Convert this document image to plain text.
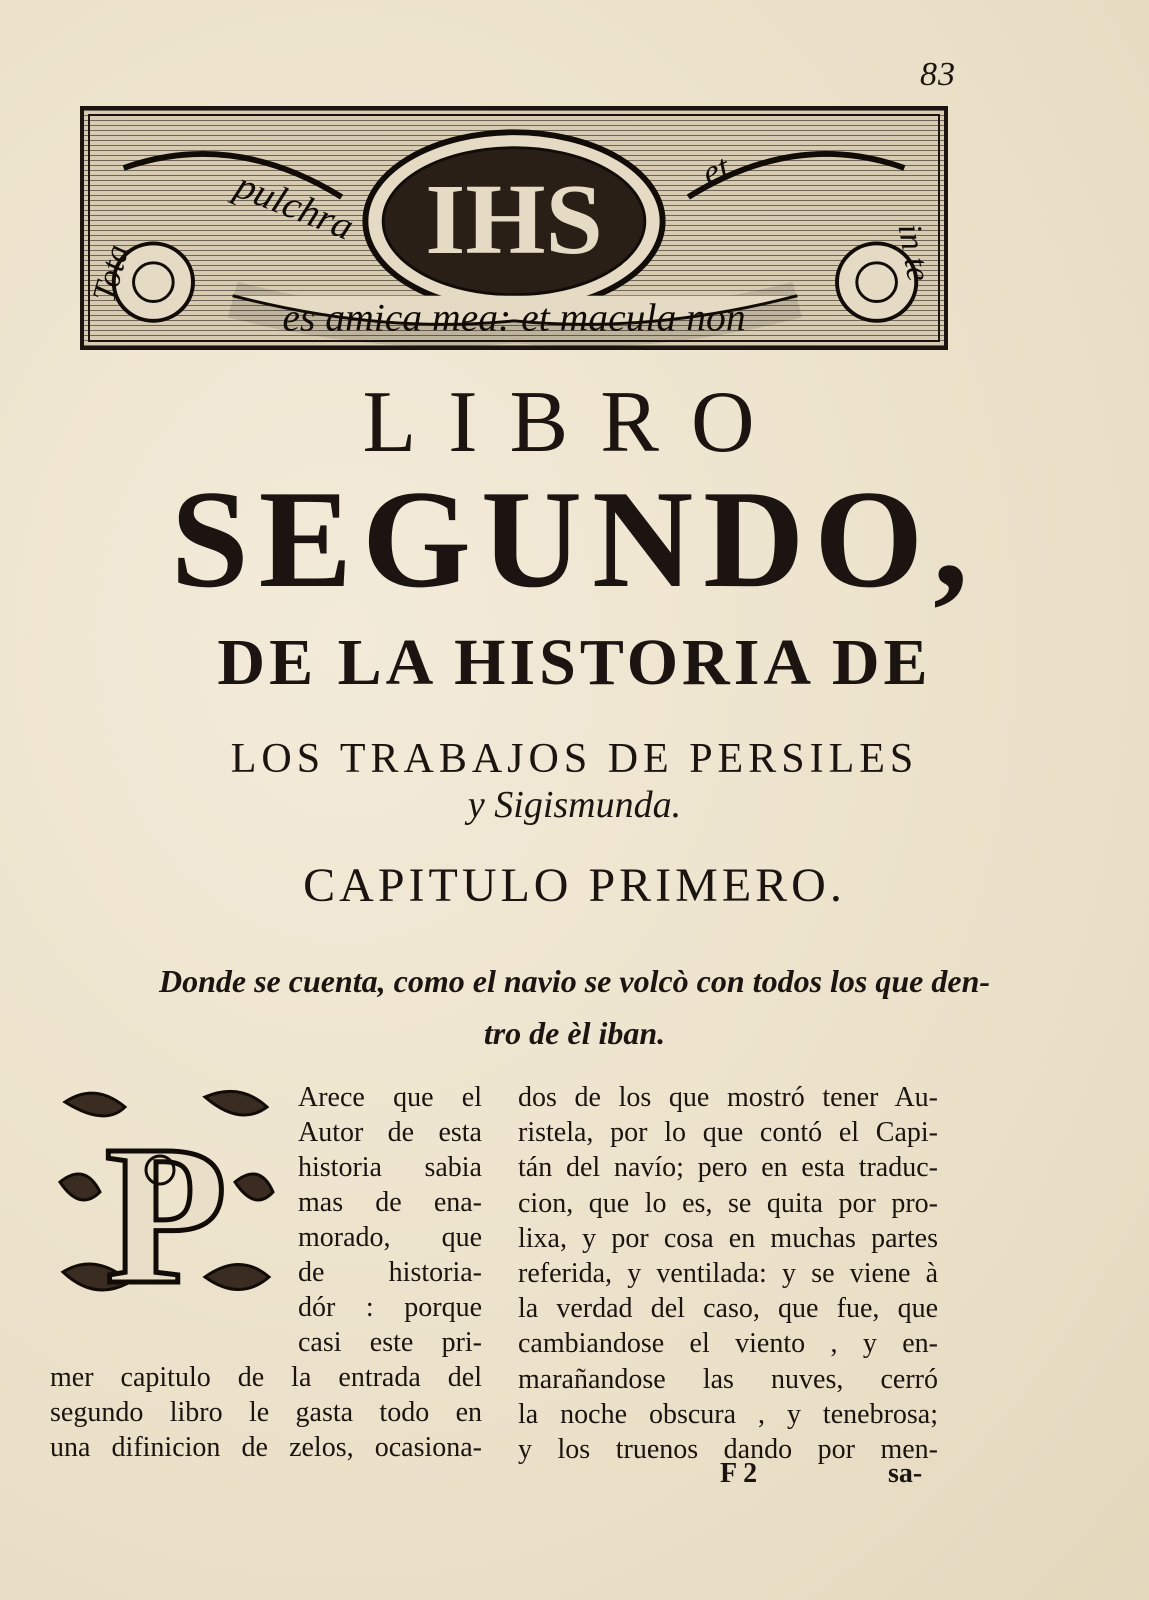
83
IHS
pulchra	et
Tota	in te
es amica mea: et macula non
LIBRO
SEGUNDO,
DE LA HISTORIA DE
LOS TRABAJOS DE PERSILES
y Sigismunda.
CAPITULO PRIMERO.
Donde se cuenta, como el navio se volcò con todos los que den-
tro de èl iban.
P
Arece que el
Autor de esta
historia sabia
mas de ena-
morado, que
de historia-
dór : porque
casi este pri-
mer capitulo de la entrada del
segundo libro le gasta todo en
una difinicion de zelos, ocasiona-
dos de los que mostró tener Au-
ristela, por lo que contó el Capi-
tán del navío; pero en esta traduc-
cion, que lo es, se quita por pro-
lixa, y por cosa en muchas partes
referida, y ventilada: y se viene à
la verdad del caso, que fue, que
cambiandose el viento , y en-
marañandose las nuves, cerró
la noche obscura , y tenebrosa;
y los truenos dando por men-
F 2	sa-
